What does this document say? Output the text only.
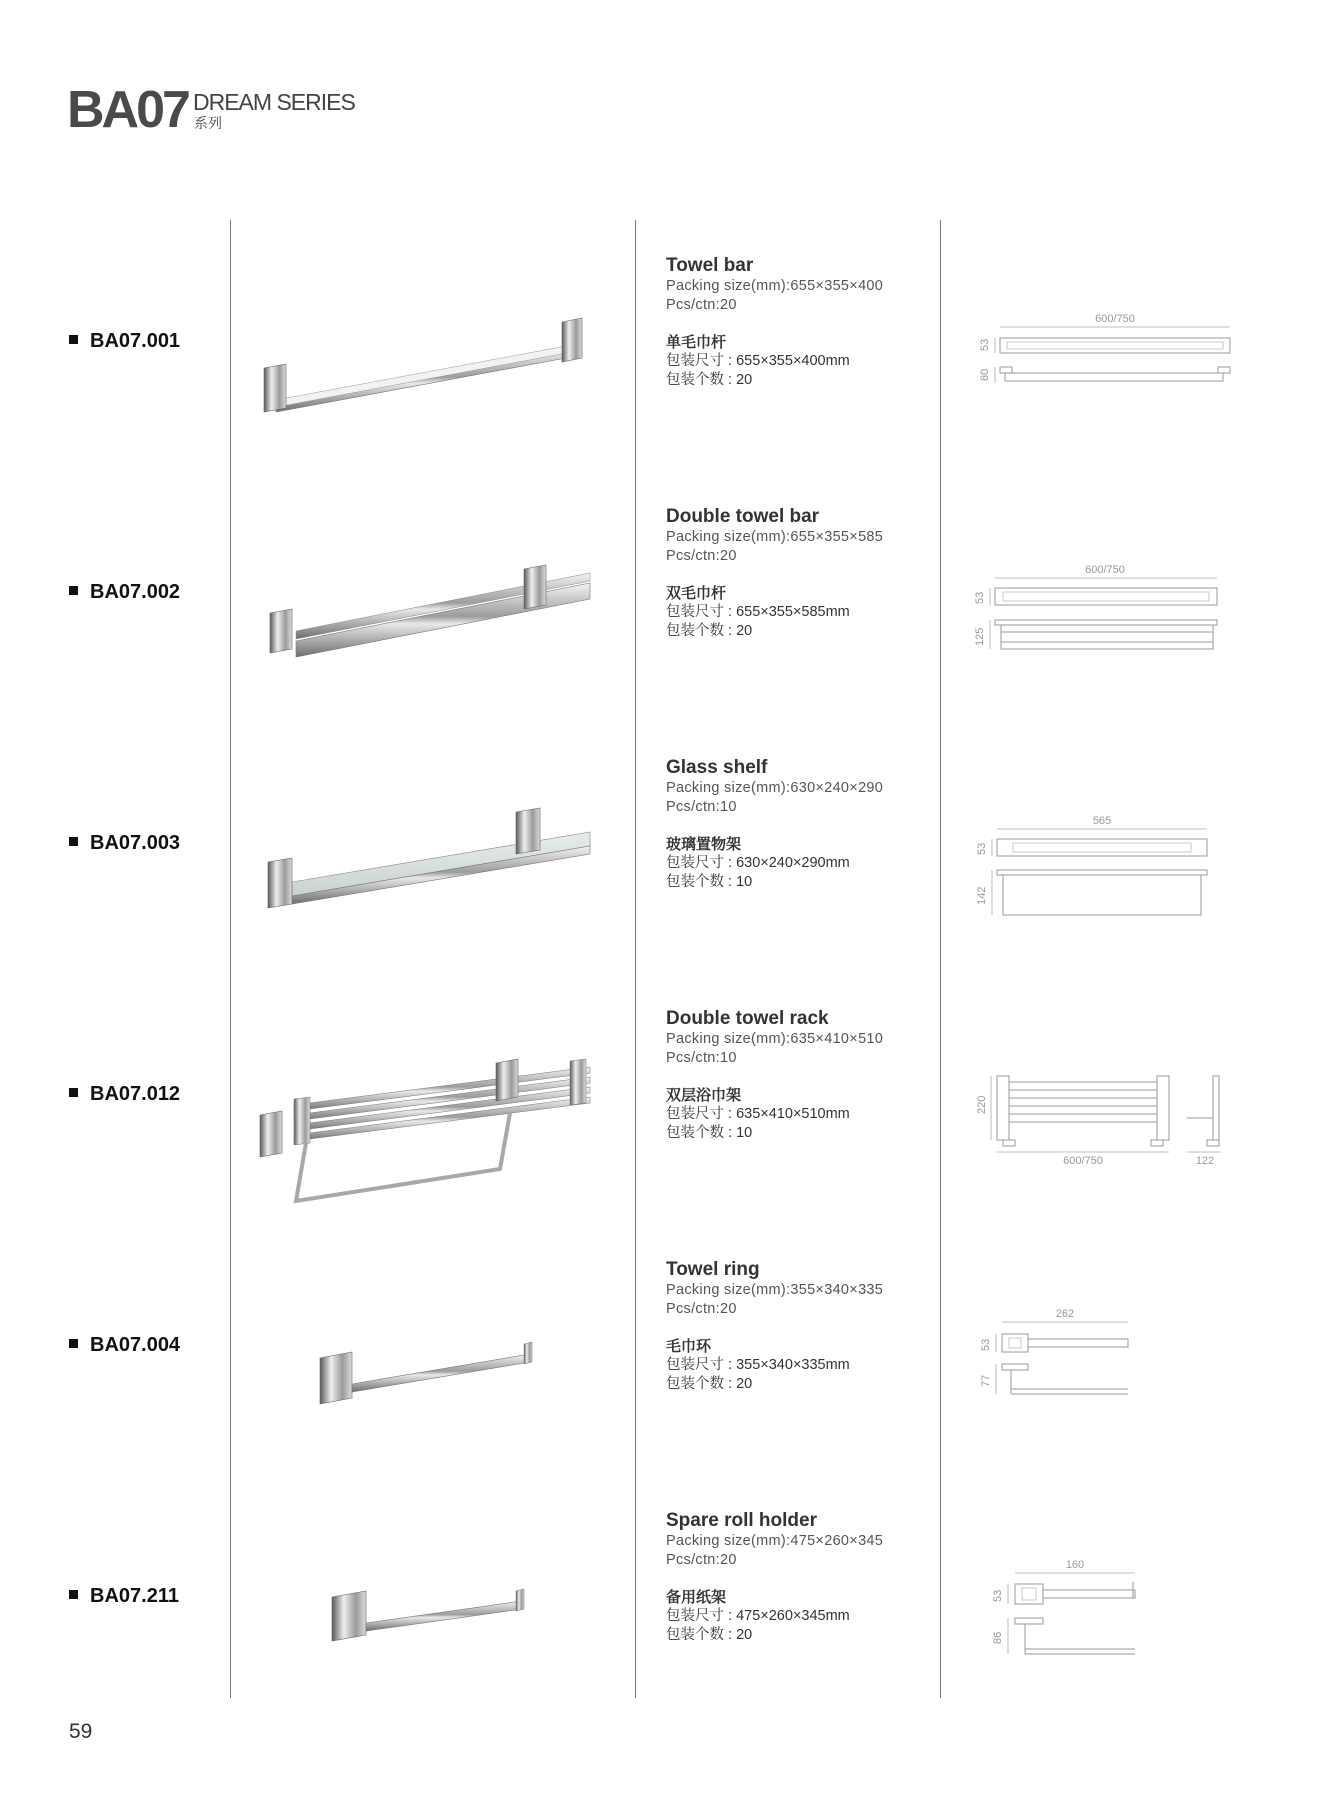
BA07 DREAM SERIES
系列
BA07.001
Towel bar
Packing size(mm):655×355×400
Pcs/ctn:20
单毛巾杆
包装尺寸 : 655×355×400mm
包装个数 : 20
600/750
53
80
BA07.002
Double towel bar
Packing size(mm):655×355×585
Pcs/ctn:20
双毛巾杆
包装尺寸 : 655×355×585mm
包装个数 : 20
600/750
53
125
BA07.003
Glass shelf
Packing size(mm):630×240×290
Pcs/ctn:10
玻璃置物架
包装尺寸 : 630×240×290mm
包装个数 : 10
565
53
142
BA07.012
Double towel rack
Packing size(mm):635×410×510
Pcs/ctn:10
双层浴巾架
包装尺寸 : 635×410×510mm
包装个数 : 10
220
600/750	122
BA07.004
Towel ring
Packing size(mm):355×340×335
Pcs/ctn:20
毛巾环
包装尺寸 : 355×340×335mm
包装个数 : 20
262
53
77
BA07.211
Spare roll holder
Packing size(mm):475×260×345
Pcs/ctn:20
备用纸架
包装尺寸 : 475×260×345mm
包装个数 : 20
160
53
86
59
